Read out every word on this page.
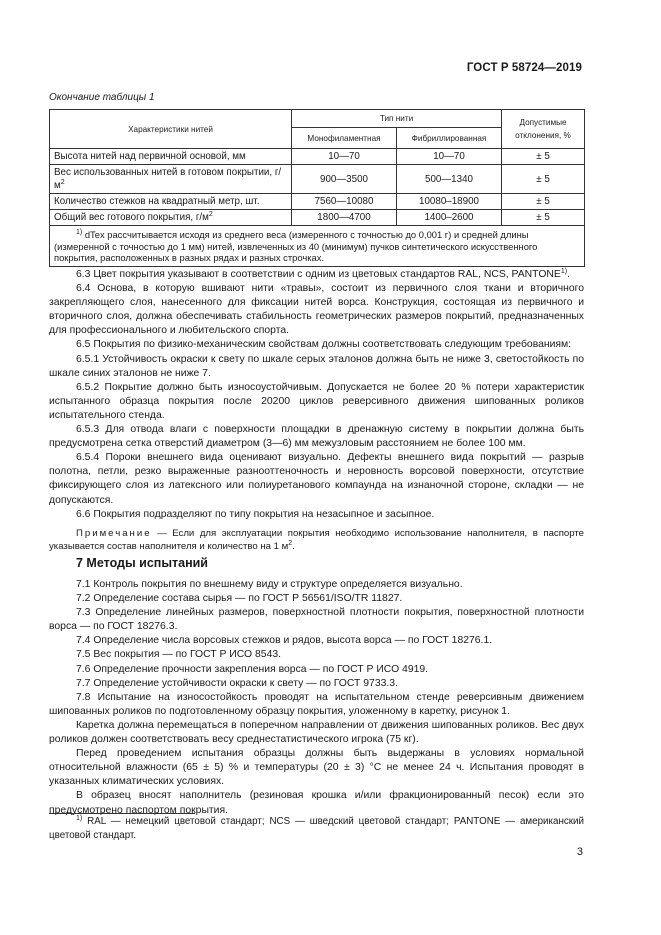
ГОСТ Р 58724—2019
Окончание таблицы 1
Характеристики нитей	Тип нити		Допустимые отклонения, %
	Монофиламентная	Фибриллированная	
Высота нитей над первичной основой, мм	10—70	10—70	± 5
Вес использованных нитей в готовом покрытии, $г/м^2$	900—3500	500—1340	± 5
Количество стежков на квадратный метр, шт.	7560—10080	10080–18900	± 5
Общий вес готового покрытия, $г/м^2$	1800—4700	1400–2600	± 5
$^{1)}$ dTex рассчитывается исходя из среднего веса (измеренного с точностью до 0,001 г) и средней длины (измеренной с точностью до 1 мм) нитей, извлеченных из 40 (минимум) пучков синтетического искусственного покрытия, расположенных в разных рядах и разных строчках.			

6.3 Цвет покрытия указывают в соответствии с одним из цветовых стандартов RAL, NCS, PANTONE$^{1)}$.

6.4 Основа, в которую вшивают нити «травы», состоит из первичного слоя ткани и вторичного закрепляющего слоя, нанесенного для фиксации нитей ворса. Конструкция, состоящая из первичного и вторичного слоя, должна обеспечивать стабильность геометрических размеров покрытий, предназначенных для профессионального и любительского спорта.

6.5 Покрытия по физико-механическим свойствам должны соответствовать следующим требованиям:

6.5.1 Устойчивость окраски к свету по шкале серых эталонов должна быть не ниже 3, светостойкость по шкале синих эталонов не ниже 7.

6.5.2 Покрытие должно быть износоустойчивым. Допускается не более 20 % потери характеристик испытанного образца покрытия после 20200 циклов реверсивного движения шипованных роликов испытательного стенда.

6.5.3 Для отвода влаги с поверхности площадки в дренажную систему в покрытии должна быть предусмотрена сетка отверстий диаметром (3—6) мм межузловым расстоянием не более 100 мм.

6.5.4 Пороки внешнего вида оценивают визуально. Дефекты внешнего вида покрытий — разрыв полотна, петли, резко выраженные разнооттеночность и неровность ворсовой поверхности, отсутствие фиксирующего слоя из латексного или полиуретанового компаунда на изнаночной стороне, складки — не допускаются.

6.6 Покрытия подразделяют по типу покрытия на незасыпное и засыпное.

Примечание — Если для эксплуатации покрытия необходимо использование наполнителя, в паспорте указывается состав наполнителя и количество на 1 $м^2$.

7 Методы испытаний

7.1 Контроль покрытия по внешнему виду и структуре определяется визуально.

7.2 Определение состава сырья — по ГОСТ Р 56561/ISO/TR 11827.

7.3 Определение линейных размеров, поверхностной плотности покрытия, поверхностной плотности ворса — по ГОСТ 18276.3.

7.4 Определение числа ворсовых стежков и рядов, высота ворса — по ГОСТ 18276.1.

7.5 Вес покрытия — по ГОСТ Р ИСО 8543.

7.6 Определение прочности закрепления ворса — по ГОСТ Р ИСО 4919.

7.7 Определение устойчивости окраски к свету — по ГОСТ 9733.3.

7.8 Испытание на износостойкость проводят на испытательном стенде реверсивным движением шипованных роликов по подготовленному образцу покрытия, уложенному в каретку, рисунок 1.

Каретка должна перемещаться в поперечном направлении от движения шипованных роликов. Вес двух роликов должен соответствовать весу среднестатистического игрока (75 кг).

Перед проведением испытания образцы должны быть выдержаны в условиях нормальной относительной влажности (65 ± 5) % и температуры (20 ± 3) °С не менее 24 ч. Испытания проводят в указанных климатических условиях.

В образец вносят наполнитель (резиновая крошка и/или фракционированный песок) если это предусмотрено паспортом покрытия.

$^{1)}$ RAL — немецкий цветовой стандарт; NCS — шведский цветовой стандарт; PANTONE — американский цветовой стандарт.
3
